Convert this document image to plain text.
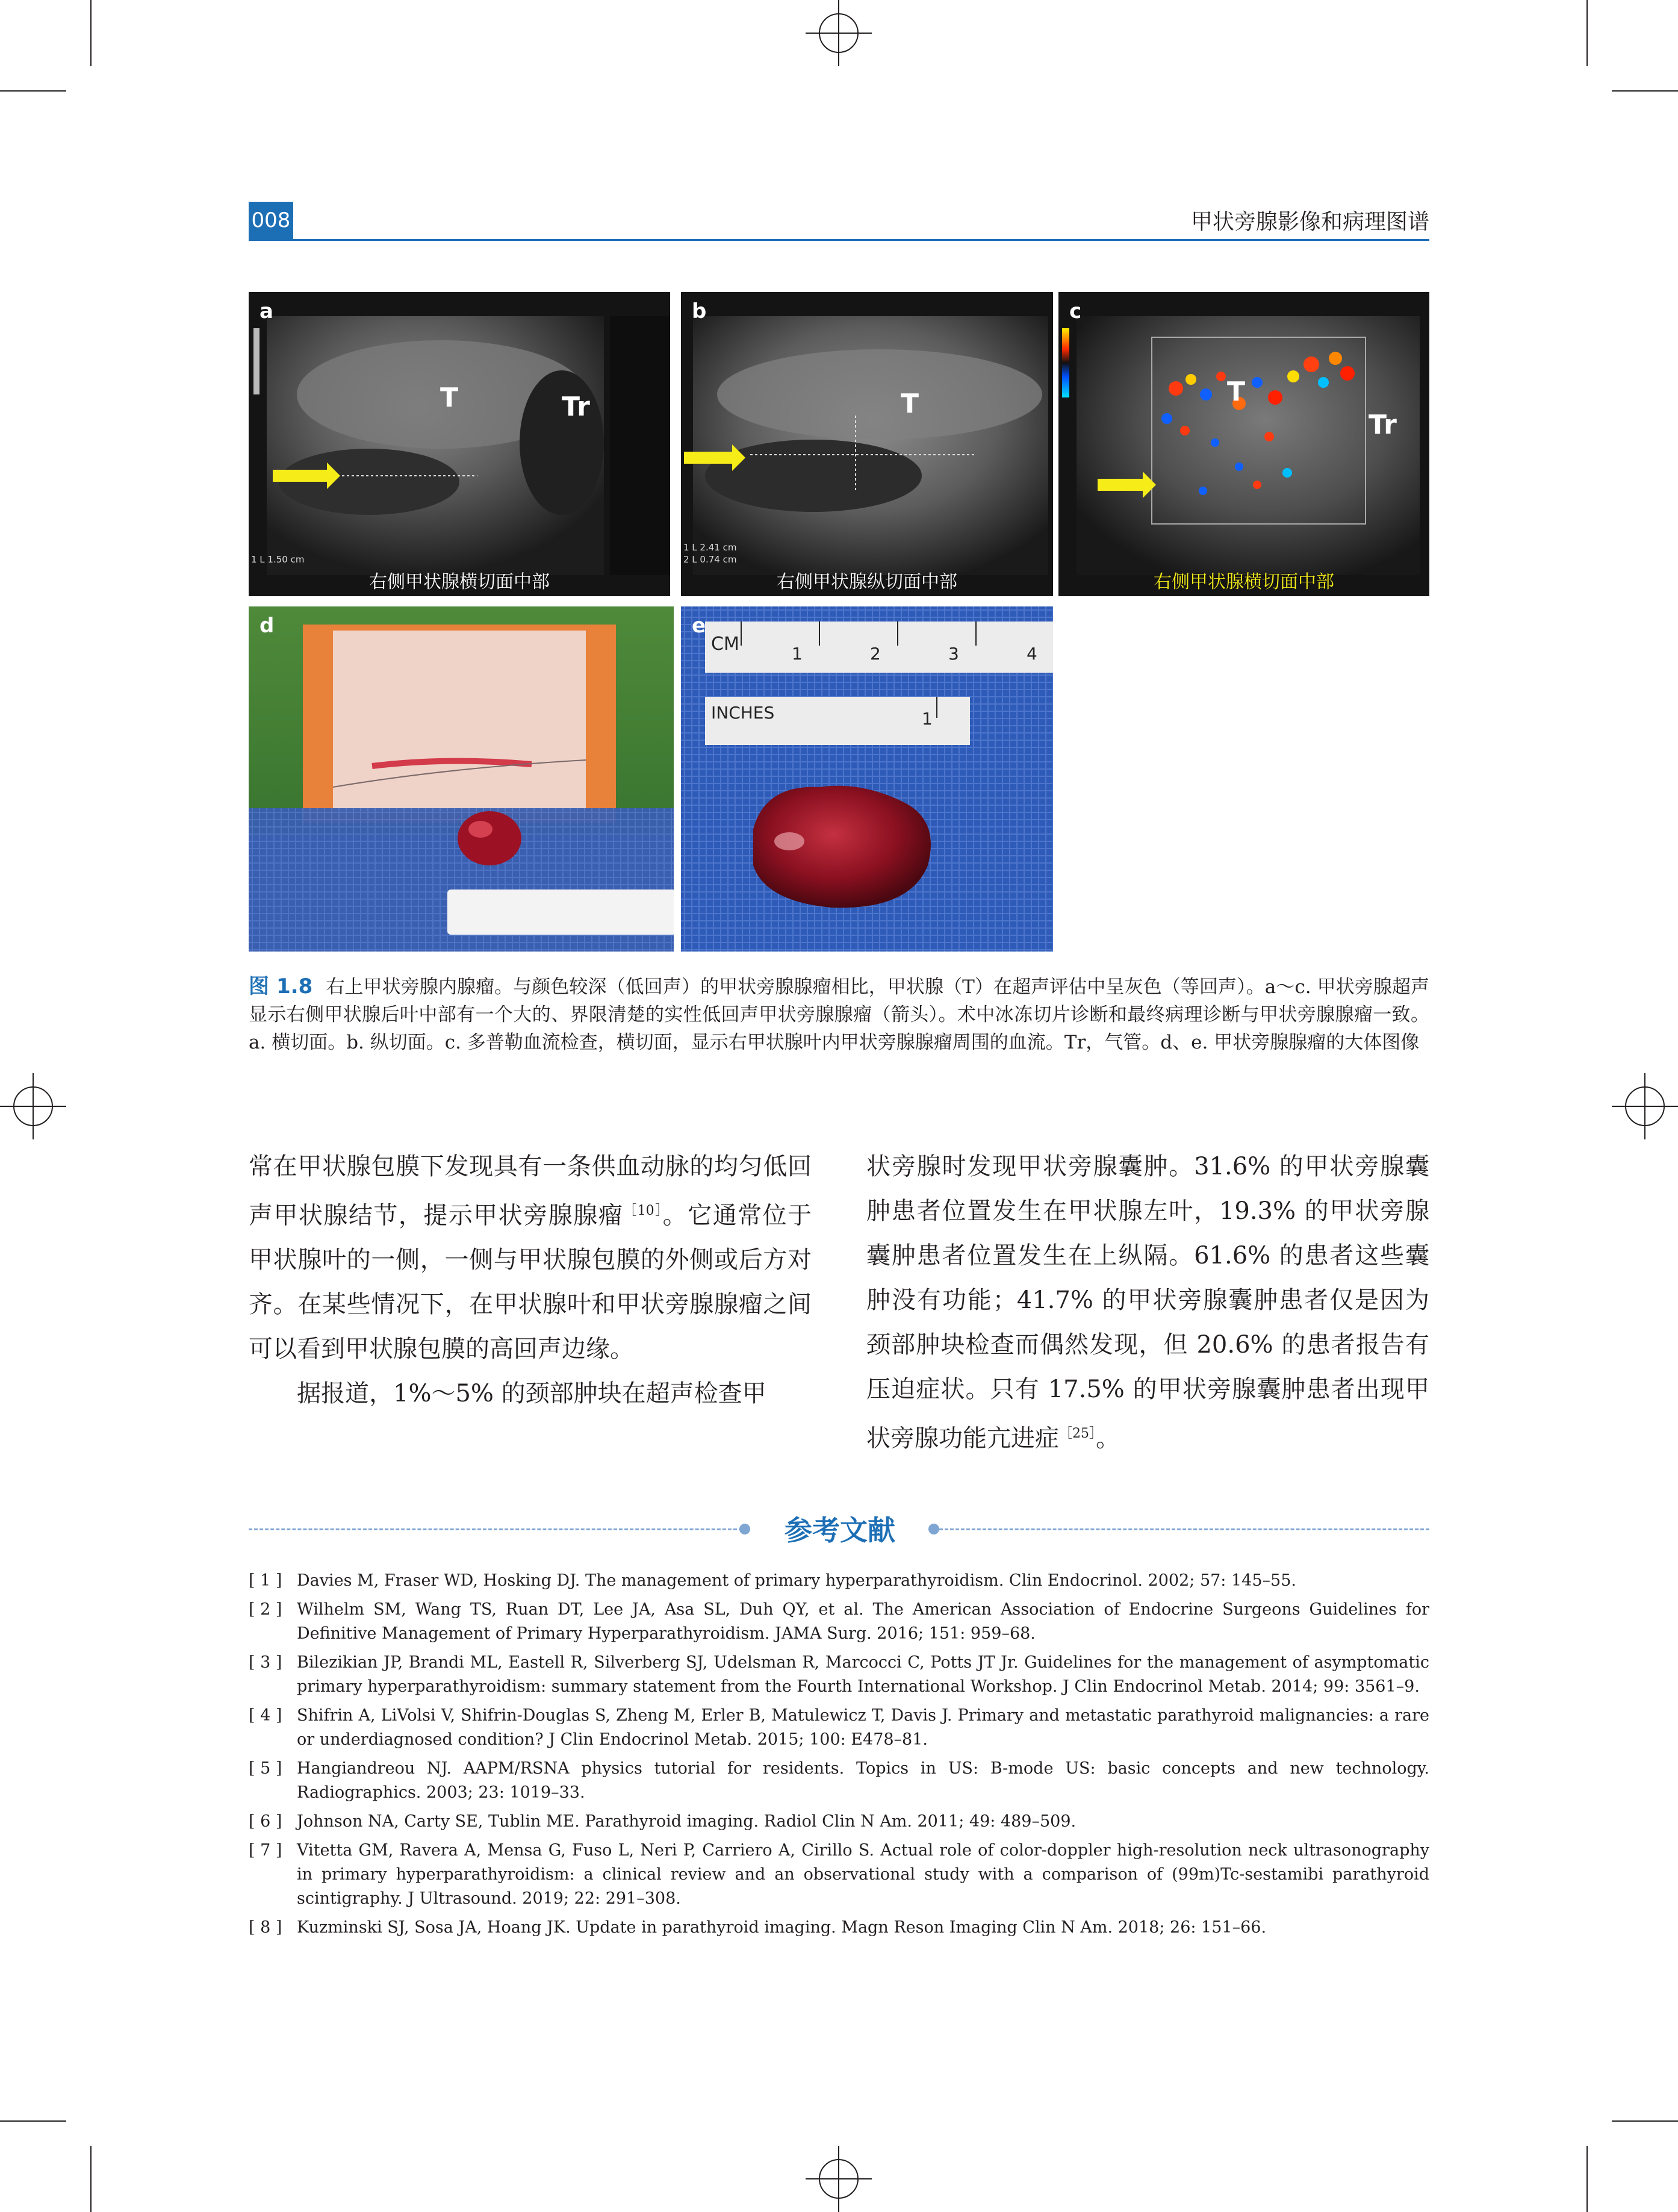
008	甲状旁腺影像和病理图谱
a
T	Tr
1 L 1.50 cm
右侧甲状腺横切面中部
b
T
1 L 2.41 cm
2 L 0.74 cm
右侧甲状腺纵切面中部
c
T
Tr
右侧甲状腺横切面中部
d	e
CM
INCHES
1	2	3	4
1
图 1.8 右上甲状旁腺内腺瘤。与颜色较深（低回声）的甲状旁腺腺瘤相比，甲状腺（T）在超声评估中呈灰色（等回声）。a～c. 甲状旁腺超声显示右侧甲状腺后叶中部有一个大的、界限清楚的实性低回声甲状旁腺腺瘤（箭头）。术中冰冻切片诊断和最终病理诊断与甲状旁腺腺瘤一致。a. 横切面。b. 纵切面。c. 多普勒血流检查，横切面，显示右甲状腺叶内甲状旁腺腺瘤周围的血流。Tr，气管。d、e. 甲状旁腺腺瘤的大体图像

常在甲状腺包膜下发现具有一条供血动脉的均匀低回声甲状腺结节，提示甲状旁腺腺瘤$^{[10]}$。它通常位于甲状腺叶的一侧，一侧与甲状腺包膜的外侧或后方对齐。在某些情况下，在甲状腺叶和甲状旁腺腺瘤之间可以看到甲状腺包膜的高回声边缘。

据报道，1%～5% 的颈部肿块在超声检查甲

状旁腺时发现甲状旁腺囊肿。31.6% 的甲状旁腺囊肿患者位置发生在甲状腺左叶，19.3% 的甲状旁腺囊肿患者位置发生在上纵隔。61.6% 的患者这些囊肿没有功能；41.7% 的甲状旁腺囊肿患者仅是因为颈部肿块检查而偶然发现，但 20.6% 的患者报告有压迫症状。只有 17.5% 的甲状旁腺囊肿患者出现甲状旁腺功能亢进症$^{[25]}$。

参考文献
[ 1 ] Davies M, Fraser WD, Hosking DJ. The management of primary hyperparathyroidism. Clin Endocrinol. 2002; 57: 145–55.
[ 2 ] Wilhelm SM, Wang TS, Ruan DT, Lee JA, Asa SL, Duh QY, et al. The American Association of Endocrine Surgeons Guidelines for Definitive Management of Primary Hyperparathyroidism. JAMA Surg. 2016; 151: 959–68.
[ 3 ] Bilezikian JP, Brandi ML, Eastell R, Silverberg SJ, Udelsman R, Marcocci C, Potts JT Jr. Guidelines for the management of asymptomatic primary hyperparathyroidism: summary statement from the Fourth International Workshop. J Clin Endocrinol Metab. 2014; 99: 3561–9.
[ 4 ] Shifrin A, LiVolsi V, Shifrin-Douglas S, Zheng M, Erler B, Matulewicz T, Davis J. Primary and metastatic parathyroid malignancies: a rare or underdiagnosed condition? J Clin Endocrinol Metab. 2015; 100: E478–81.
[ 5 ] Hangiandreou NJ. AAPM/RSNA physics tutorial for residents. Topics in US: B-mode US: basic concepts and new technology. Radiographics. 2003; 23: 1019–33.
[ 6 ] Johnson NA, Carty SE, Tublin ME. Parathyroid imaging. Radiol Clin N Am. 2011; 49: 489–509.
[ 7 ] Vitetta GM, Ravera A, Mensa G, Fuso L, Neri P, Carriero A, Cirillo S. Actual role of color-doppler high-resolution neck ultrasonography in primary hyperparathyroidism: a clinical review and an observational study with a comparison of (99m)Tc-sestamibi parathyroid scintigraphy. J Ultrasound. 2019; 22: 291–308.
[ 8 ] Kuzminski SJ, Sosa JA, Hoang JK. Update in parathyroid imaging. Magn Reson Imaging Clin N Am. 2018; 26: 151–66.
